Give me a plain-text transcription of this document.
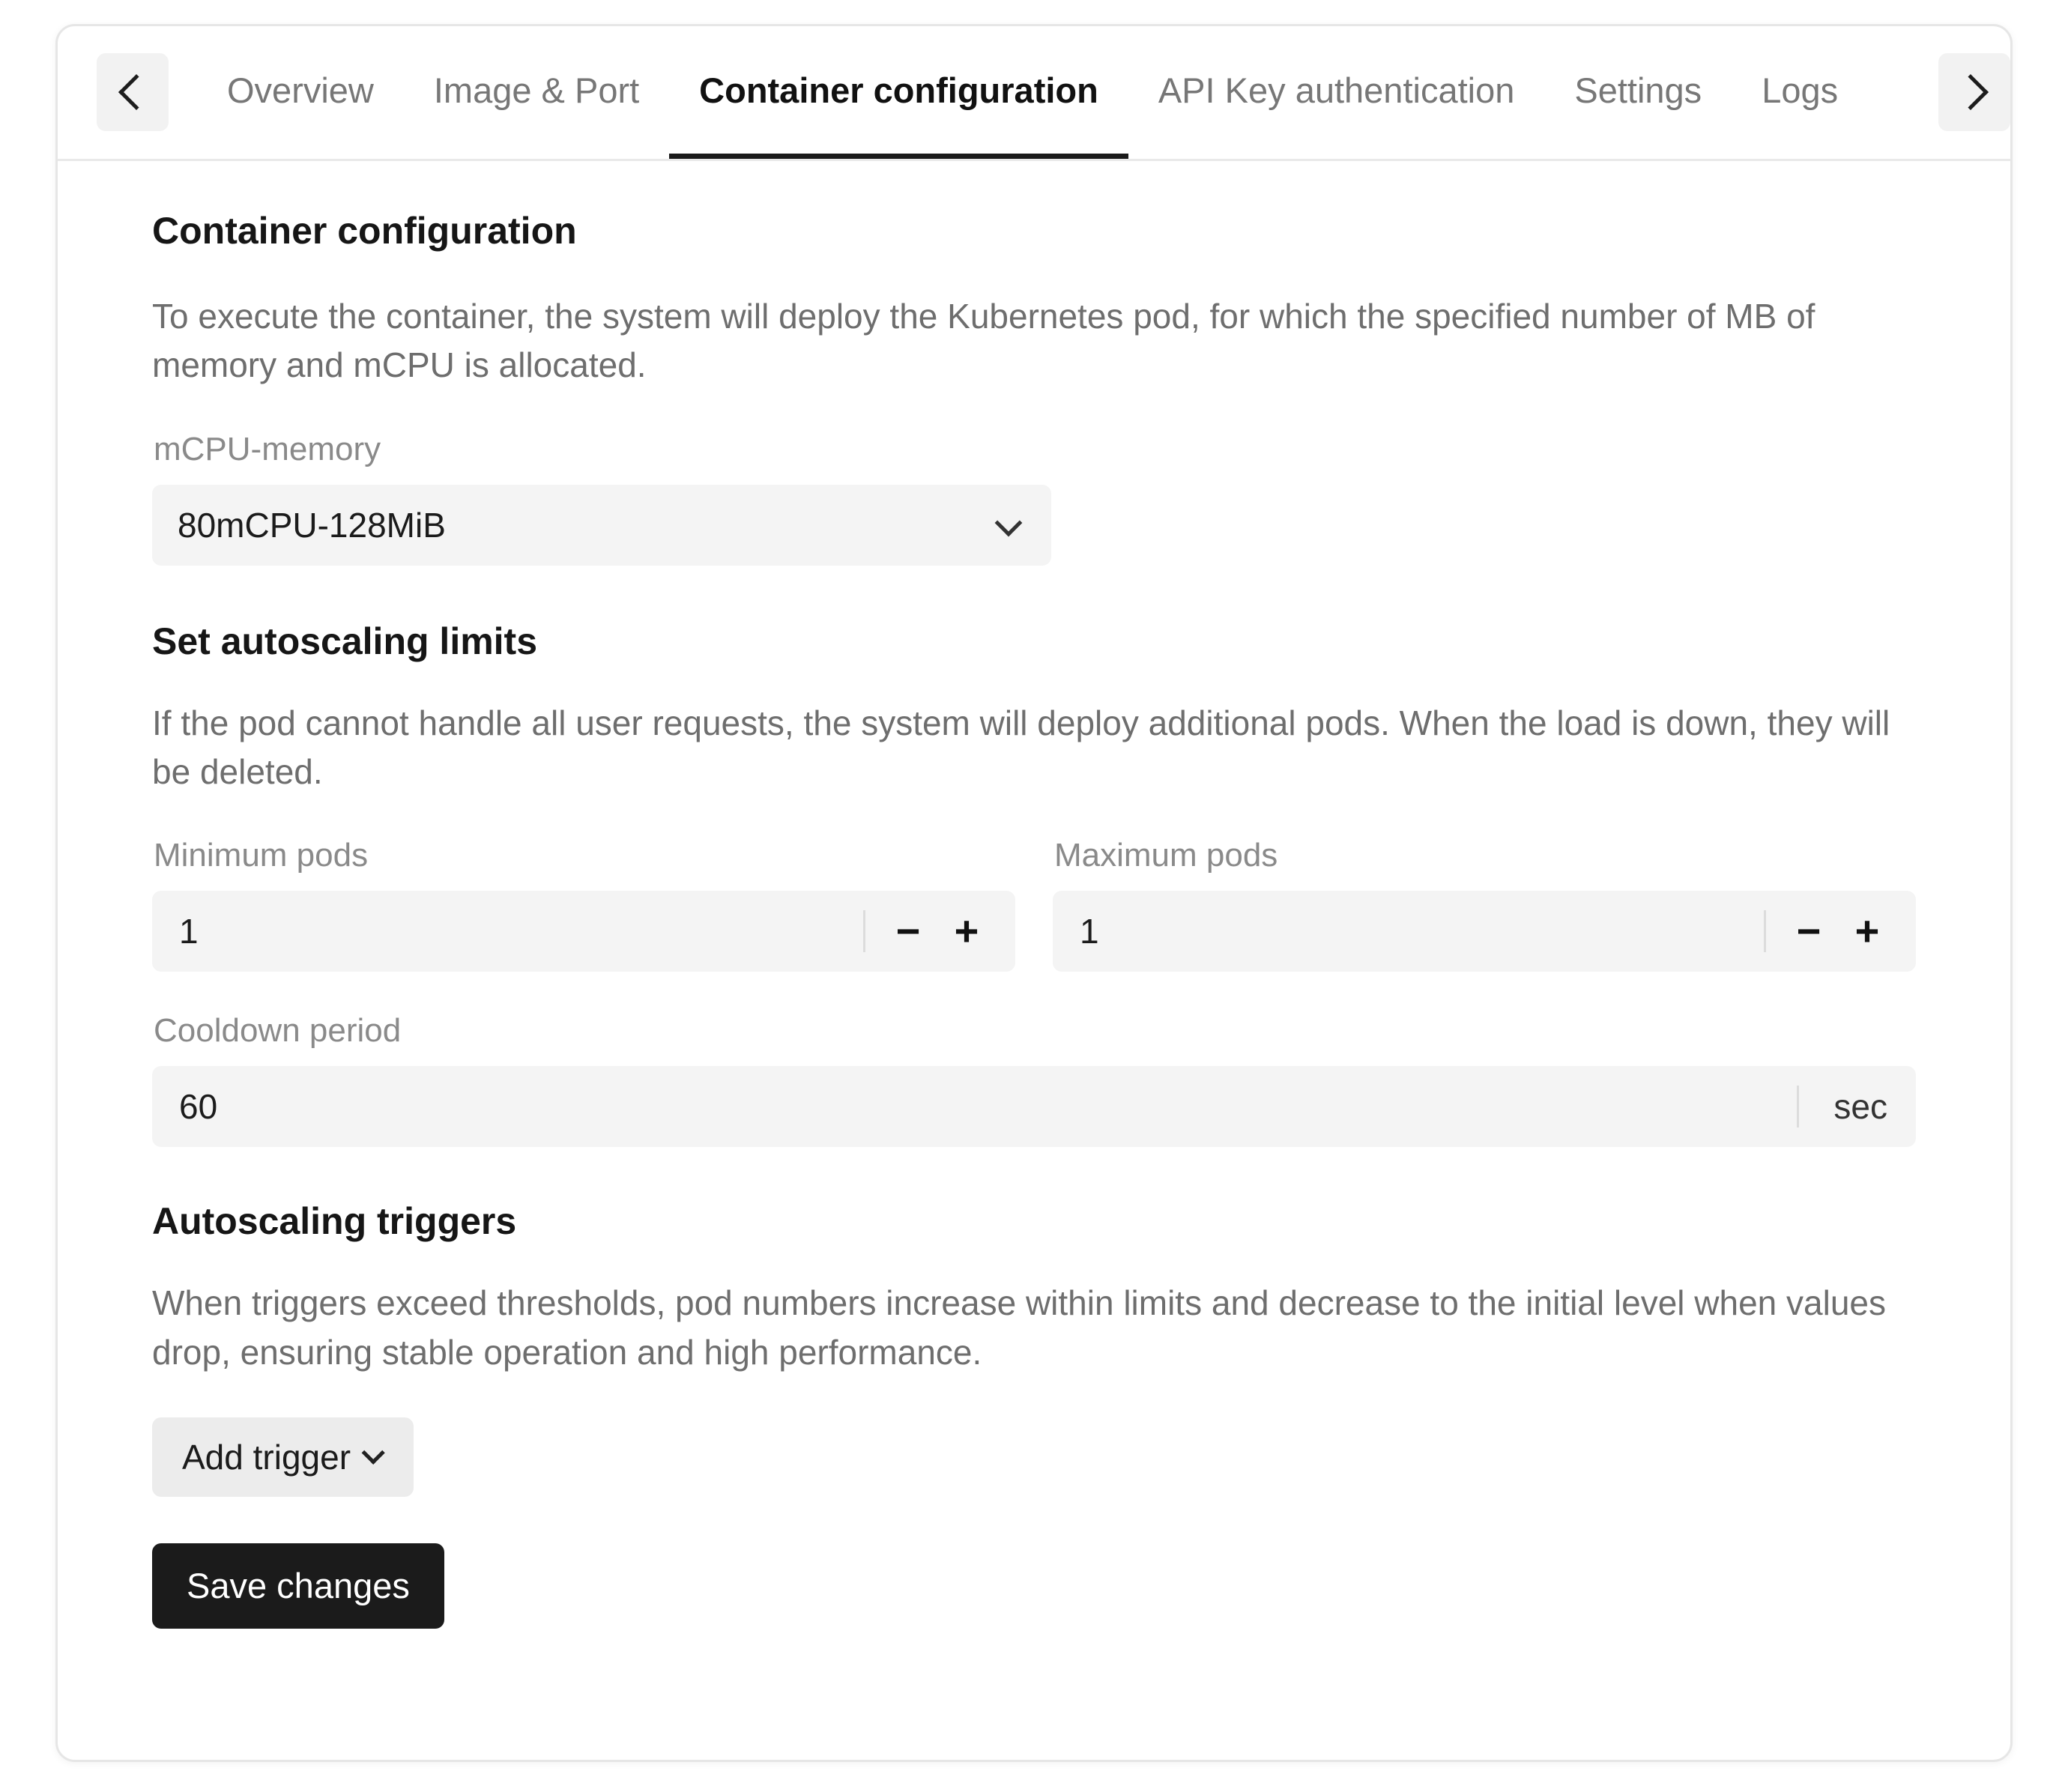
Overview Image & Port Container configuration API Key authentication Settings Logs
Container configuration

To execute the container, the system will deploy the Kubernetes pod, for which the specified number of MB of memory and mCPU is allocated.

mCPU-memory
80mCPU-128MiB
Set autoscaling limits

If the pod cannot handle all user requests, the system will deploy additional pods. When the load is down, they will be deleted.

Minimum pods
1
− +
Maximum pods
1
− +
Cooldown period
60
sec
Autoscaling triggers

When triggers exceed thresholds, pod numbers increase within limits and decrease to the initial level when values drop, ensuring stable operation and high performance.

Add trigger
Save changes
